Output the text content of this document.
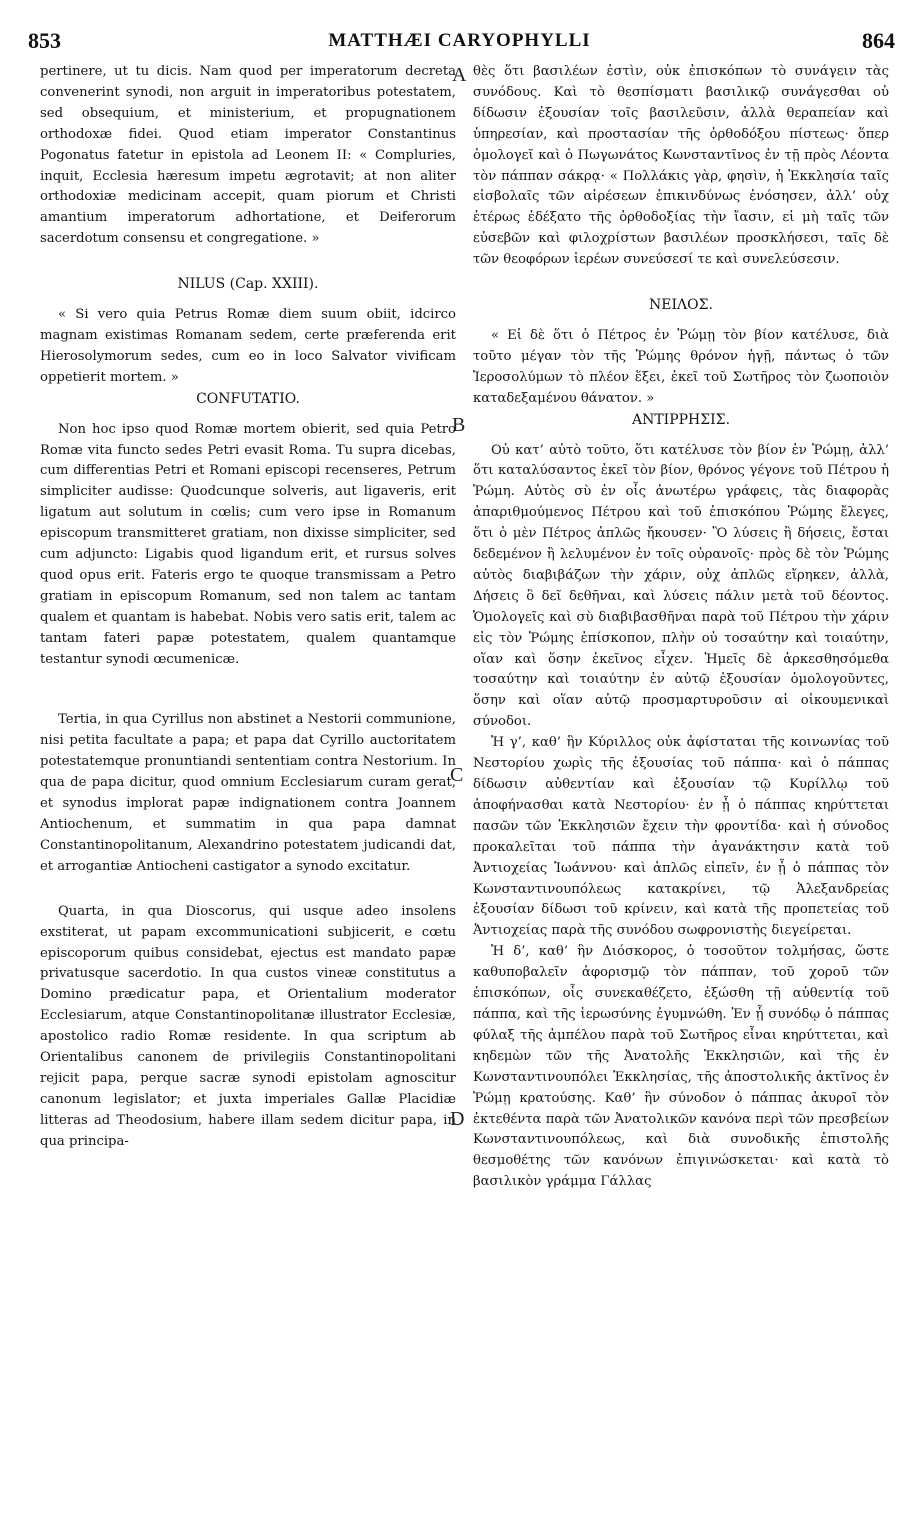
853	MATTHÆI CARYOPHYLLI	864

pertinere, ut tu dicis. Nam quod per imperatorum decreta convenerint synodi, non arguit in imperatoribus potestatem, sed obsequium, et ministerium, et propugnationem orthodoxæ fidei. Quod etiam imperator Constantinus Pogonatus fatetur in epistola ad Leonem II: « Compluries, inquit, Ecclesia hæresum impetu ægrotavit; at non aliter orthodoxiæ medicinam accepit, quam piorum et Christi amantium imperatorum adhortatione, et Deiferorum sacerdotum consensu et congregatione. »

NILUS (Cap. XXIII).

« Si vero quia Petrus Romæ diem suum obiit, idcirco magnam existimas Romanam sedem, certe præferenda erit Hierosolymorum sedes, cum eo in loco Salvator vivificam oppetierit mortem. »

CONFUTATIO.

Non hoc ipso quod Romæ mortem obierit, sed quia Petro Romæ vita functo sedes Petri evasit Roma. Tu supra dicebas, cum differentias Petri et Romani episcopi recenseres, Petrum simpliciter audisse: Quodcunque solveris, aut ligaveris, erit ligatum aut solutum in cœlis; cum vero ipse in Romanum episcopum transmitteret gratiam, non dixisse simpliciter, sed cum adjuncto: Ligabis quod ligandum erit, et rursus solves quod opus erit. Fateris ergo te quoque transmissam a Petro gratiam in episcopum Romanum, sed non talem ac tantam qualem et quantam is habebat. Nobis vero satis erit, talem ac tantam fateri papæ potestatem, qualem quantamque testantur synodi œcumenicæ.

Tertia, in qua Cyrillus non abstinet a Nestorii communione, nisi petita facultate a papa; et papa dat Cyrillo auctoritatem potestatemque pronuntiandi sententiam contra Nestorium. In qua de papa dicitur, quod omnium Ecclesiarum curam gerat, et synodus implorat papæ indignationem contra Joannem Antiochenum, et summatim in qua papa damnat Constantinopolitanum, Alexandrino potestatem judicandi dat, et arrogantiæ Antiocheni castigator a synodo excitatur.

Quarta, in qua Dioscorus, qui usque adeo insolens exstiterat, ut papam excommunicationi subjicerit, e cœtu episcoporum quibus considebat, ejectus est mandato papæ privatusque sacerdotio. In qua custos vineæ constitutus a Domino prædicatur papa, et Orientalium moderator Ecclesiarum, atque Constantinopolitanæ illustrator Ecclesiæ, apostolico radio Romæ residente. In qua scriptum ab Orientalibus canonem de privilegiis Constantinopolitani rejicit papa, perque sacræ synodi epistolam agnoscitur canonum legislator; et juxta imperiales Gallæ Placidiæ litteras ad Theodosium, habere illam sedem dicitur papa, in qua principa-

θὲς ὅτι βασιλέων ἐστὶν, οὐκ ἐπισκόπων τὸ συνάγειν τὰς συνόδους. Καὶ τὸ θεσπίσματι βασιλικῷ συνάγεσθαι οὐ δίδωσιν ἐξουσίαν τοῖς βασιλεῦσιν, ἀλλὰ θεραπείαν καὶ ὑπηρεσίαν, καὶ προστασίαν τῆς ὀρθοδόξου πίστεως· ὅπερ ὁμολογεῖ καὶ ὁ Πωγωνάτος Κωνσταντῖνος ἐν τῇ πρὸς Λέοντα τὸν πάππαν σάκρᾳ· « Πολλάκις γὰρ, φησὶν, ἡ Ἐκκλησία ταῖς εἰσβολαῖς τῶν αἱρέσεων ἐπικινδύνως ἐνόσησεν, ἀλλ’ οὐχ ἑτέρως ἐδέξατο τῆς ὀρθοδοξίας τὴν ἴασιν, εἰ μὴ ταῖς τῶν εὐσεβῶν καὶ φιλοχρίστων βασιλέων προσκλήσεσι, ταῖς δὲ τῶν θεοφόρων ἱερέων συνεύσεσί τε καὶ συνελεύσεσιν.

ΝΕΙΛΟΣ.

« Εἰ δὲ ὅτι ὁ Πέτρος ἐν Ῥώμῃ τὸν βίον κατέλυσε, διὰ τοῦτο μέγαν τὸν τῆς Ῥώμης θρόνον ἡγῇ, πάντως ὁ τῶν Ἱεροσολύμων τὸ πλέον ἕξει, ἐκεῖ τοῦ Σωτῆρος τὸν ζωοποιὸν καταδεξαμένου θάνατον. »

ΑΝΤΙΡΡΗΣΙΣ.

Οὐ κατ’ αὐτὸ τοῦτο, ὅτι κατέλυσε τὸν βίον ἐν Ῥώμῃ, ἀλλ’ ὅτι καταλύσαντος ἐκεῖ τὸν βίον, θρόνος γέγονε τοῦ Πέτρου ἡ Ῥώμη. Αὐτὸς σὺ ἐν οἷς ἀνωτέρω γράφεις, τὰς διαφορὰς ἀπαριθμούμενος Πέτρου καὶ τοῦ ἐπισκόπου Ῥώμης ἔλεγες, ὅτι ὁ μὲν Πέτρος ἁπλῶς ἤκουσεν· Ὃ λύσεις ἢ δήσεις, ἔσται δεδεμένον ἢ λελυμένον ἐν τοῖς οὐρανοῖς· πρὸς δὲ τὸν Ῥώμης αὐτὸς διαβιβάζων τὴν χάριν, οὐχ ἁπλῶς εἴρηκεν, ἀλλὰ, Δήσεις ὃ δεῖ δεθῆναι, καὶ λύσεις πάλιν μετὰ τοῦ δέοντος. Ὁμολογεῖς καὶ σὺ διαβιβασθῆναι παρὰ τοῦ Πέτρου τὴν χάριν εἰς τὸν Ῥώμης ἐπίσκοπον, πλὴν οὐ τοσαύτην καὶ τοιαύτην, οἵαν καὶ ὅσην ἐκεῖνος εἶχεν. Ἡμεῖς δὲ ἀρκεσθησόμεθα τοσαύτην καὶ τοιαύτην ἐν αὐτῷ ἐξουσίαν ὁμολογοῦντες, ὅσην καὶ οἵαν αὐτῷ προσμαρτυροῦσιν αἱ οἰκουμενικαὶ σύνοδοι.

Ἡ γ’, καθ’ ἣν Κύριλλος οὐκ ἀφίσταται τῆς κοινωνίας τοῦ Νεστορίου χωρὶς τῆς ἐξουσίας τοῦ πάππα· καὶ ὁ πάππας δίδωσιν αὐθεντίαν καὶ ἐξουσίαν τῷ Κυρίλλῳ τοῦ ἀποφήνασθαι κατὰ Νεστορίου· ἐν ᾗ ὁ πάππας κηρύττεται πασῶν τῶν Ἐκκλησιῶν ἔχειν τὴν φροντίδα· καὶ ἡ σύνοδος προκαλεῖται τοῦ πάππα τὴν ἀγανάκτησιν κατὰ τοῦ Ἀντιοχείας Ἰωάννου· καὶ ἁπλῶς εἰπεῖν, ἐν ᾗ ὁ πάππας τὸν Κωνσταντινουπόλεως κατακρίνει, τῷ Ἀλεξανδρείας ἐξουσίαν δίδωσι τοῦ κρίνειν, καὶ κατὰ τῆς προπετείας τοῦ Ἀντιοχείας παρὰ τῆς συνόδου σωφρονιστὴς διεγείρεται.

Ἡ δ’, καθ’ ἣν Διόσκορος, ὁ τοσοῦτον τολμήσας, ὥστε καθυποβαλεῖν ἀφορισμῷ τὸν πάππαν, τοῦ χοροῦ τῶν ἐπισκόπων, οἷς συνεκαθέζετο, ἐξώσθη τῇ αὐθεντίᾳ τοῦ πάππα, καὶ τῆς ἱερωσύνης ἐγυμνώθη. Ἐν ᾗ συνόδῳ ὁ πάππας φύλαξ τῆς ἀμπέλου παρὰ τοῦ Σωτῆρος εἶναι κηρύττεται, καὶ κηδεμὼν τῶν τῆς Ἀνατολῆς Ἐκκλησιῶν, καὶ τῆς ἐν Κωνσταντινουπόλει Ἐκκλησίας, τῆς ἀποστολικῆς ἀκτῖνος ἐν Ῥώμῃ κρατούσης. Καθ’ ἣν σύνοδον ὁ πάππας ἀκυροῖ τὸν ἐκτεθέντα παρὰ τῶν Ἀνατολικῶν κανόνα περὶ τῶν πρεσβείων Κωνσταντινουπόλεως, καὶ διὰ συνοδικῆς ἐπιστολῆς θεσμοθέτης τῶν κανόνων ἐπιγινώσκεται· καὶ κατὰ τὸ βασιλικὸν γράμμα Γάλλας

A
B
C
D
